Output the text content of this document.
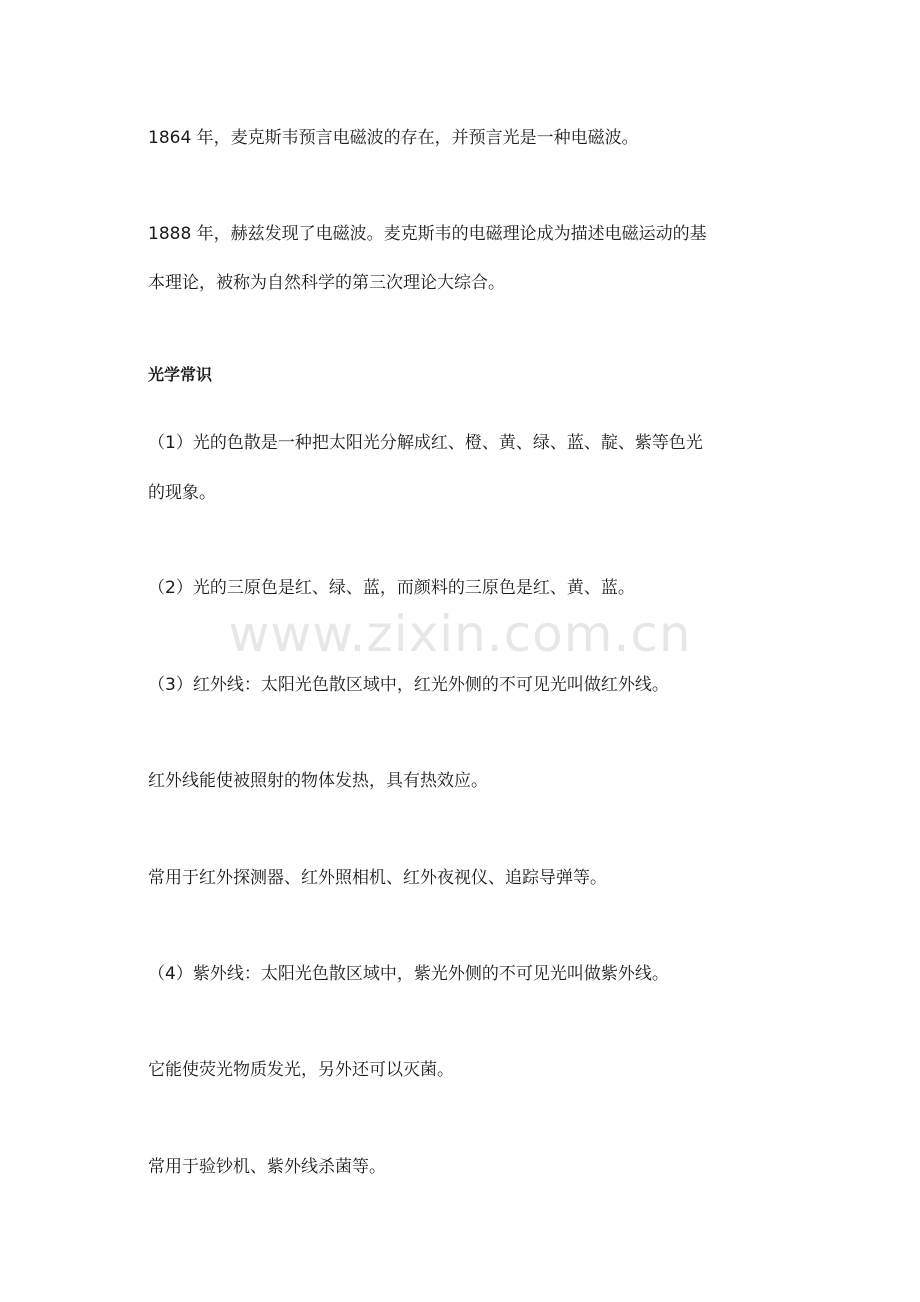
1864 年，麦克斯韦预言电磁波的存在，并预言光是一种电磁波。
1888 年，赫兹发现了电磁波。麦克斯韦的电磁理论成为描述电磁运动的基
本理论，被称为自然科学的第三次理论大综合。
光学常识
（1）光的色散是一种把太阳光分解成红、橙、黄、绿、蓝、靛、紫等色光
的现象。
（2）光的三原色是红、绿、蓝，而颜料的三原色是红、黄、蓝。
（3）红外线：太阳光色散区域中，红光外侧的不可见光叫做红外线。
红外线能使被照射的物体发热，具有热效应。
常用于红外探测器、红外照相机、红外夜视仪、追踪导弹等。
（4）紫外线：太阳光色散区域中，紫光外侧的不可见光叫做紫外线。
它能使荧光物质发光，另外还可以灭菌。
常用于验钞机、紫外线杀菌等。
www.zixin.com.cn
